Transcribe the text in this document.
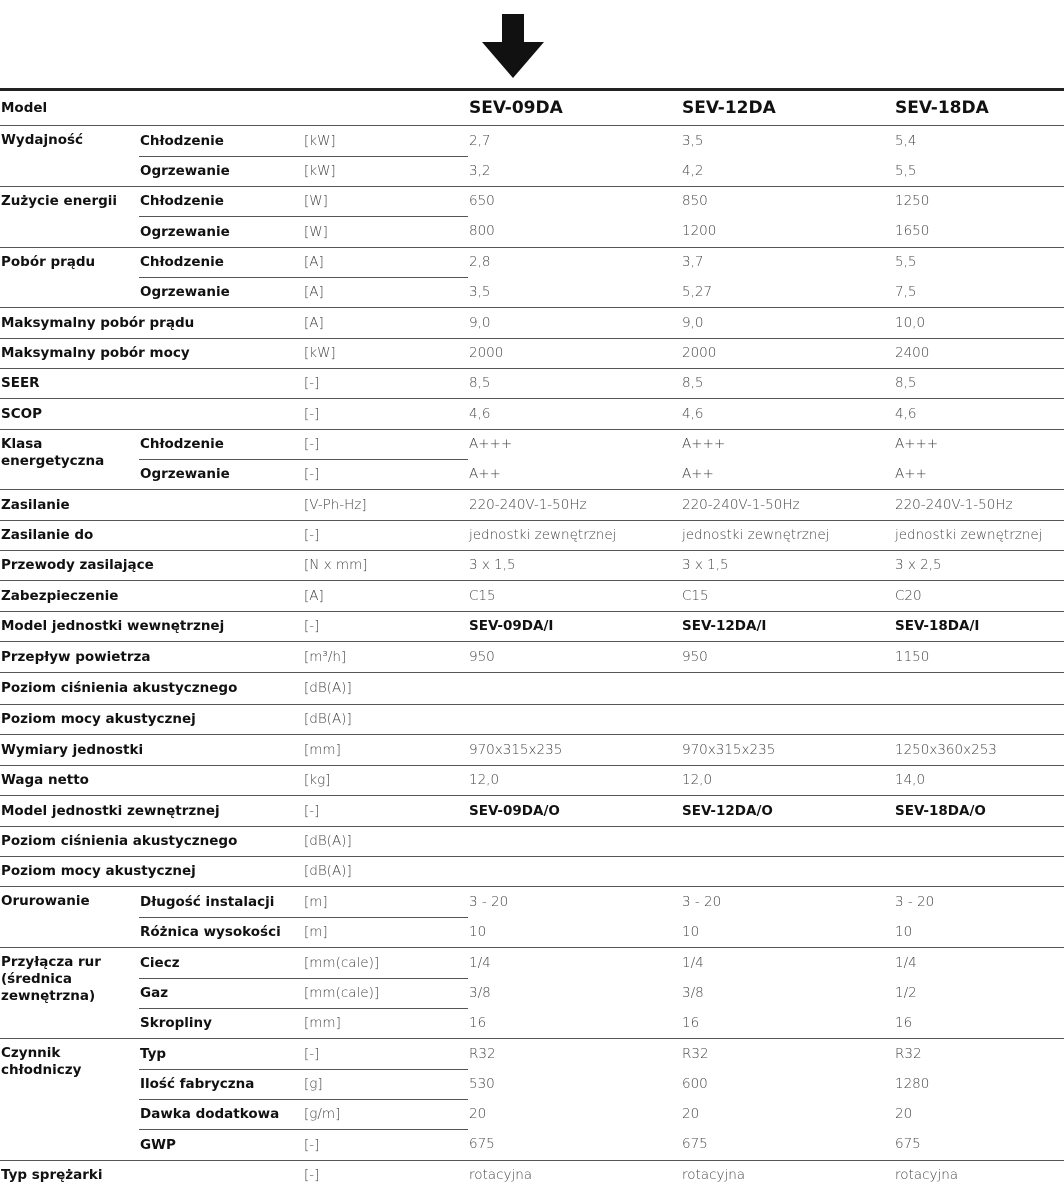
Model			SEV-09DA	SEV-12DA	SEV-18DA
Wydajność	Chłodzenie	[kW]	2,7	3,5	5,4
	Ogrzewanie	[kW]	3,2	4,2	5,5
Zużycie energii	Chłodzenie	[W]	650	850	1250
	Ogrzewanie	[W]	800	1200	1650
Pobór prądu	Chłodzenie	[A]	2,8	3,7	5,5
	Ogrzewanie	[A]	3,5	5,27	7,5
Maksymalny pobór prądu		[A]	9,0	9,0	10,0
Maksymalny pobór mocy		[kW]	2000	2000	2400
SEER		[-]	8,5	8,5	8,5
SCOP		[-]	4,6	4,6	4,6
Klasa energetyczna	Chłodzenie	[-]	A+++	A+++	A+++
	Ogrzewanie	[-]	A++	A++	A++
Zasilanie		[V-Ph-Hz]	220-240V-1-50Hz	220-240V-1-50Hz	220-240V-1-50Hz
Zasilanie do		[-]	jednostki zewnętrznej	jednostki zewnętrznej	jednostki zewnętrznej
Przewody zasilające		[N x mm]	3 x 1,5	3 x 1,5	3 x 2,5
Zabezpieczenie		[A]	C15	C15	C20
Model jednostki wewnętrznej		[-]	SEV-09DA/I	SEV-12DA/I	SEV-18DA/I
Przepływ powietrza		[m³/h]	950	950	1150
Poziom ciśnienia akustycznego		[dB(A)]			
Poziom mocy akustycznej		[dB(A)]			
Wymiary jednostki		[mm]	970x315x235	970x315x235	1250x360x253
Waga netto		[kg]	12,0	12,0	14,0
Model jednostki zewnętrznej		[-]	SEV-09DA/O	SEV-12DA/O	SEV-18DA/O
Poziom ciśnienia akustycznego		[dB(A)]			
Poziom mocy akustycznej		[dB(A)]			
Orurowanie	Długość instalacji	[m]	3 - 20	3 - 20	3 - 20
	Różnica wysokości	[m]	10	10	10
Przyłącza rur (średnica zewnętrzna)	Ciecz	[mm(cale)]	1/4	1/4	1/4
	Gaz	[mm(cale)]	3/8	3/8	1/2
	Skropliny	[mm]	16	16	16
Czynnik chłodniczy	Typ	[-]	R32	R32	R32
	Ilość fabryczna	[g]	530	600	1280
	Dawka dodatkowa	[g/m]	20	20	20
	GWP	[-]	675	675	675
Typ sprężarki		[-]	rotacyjna	rotacyjna	rotacyjna
